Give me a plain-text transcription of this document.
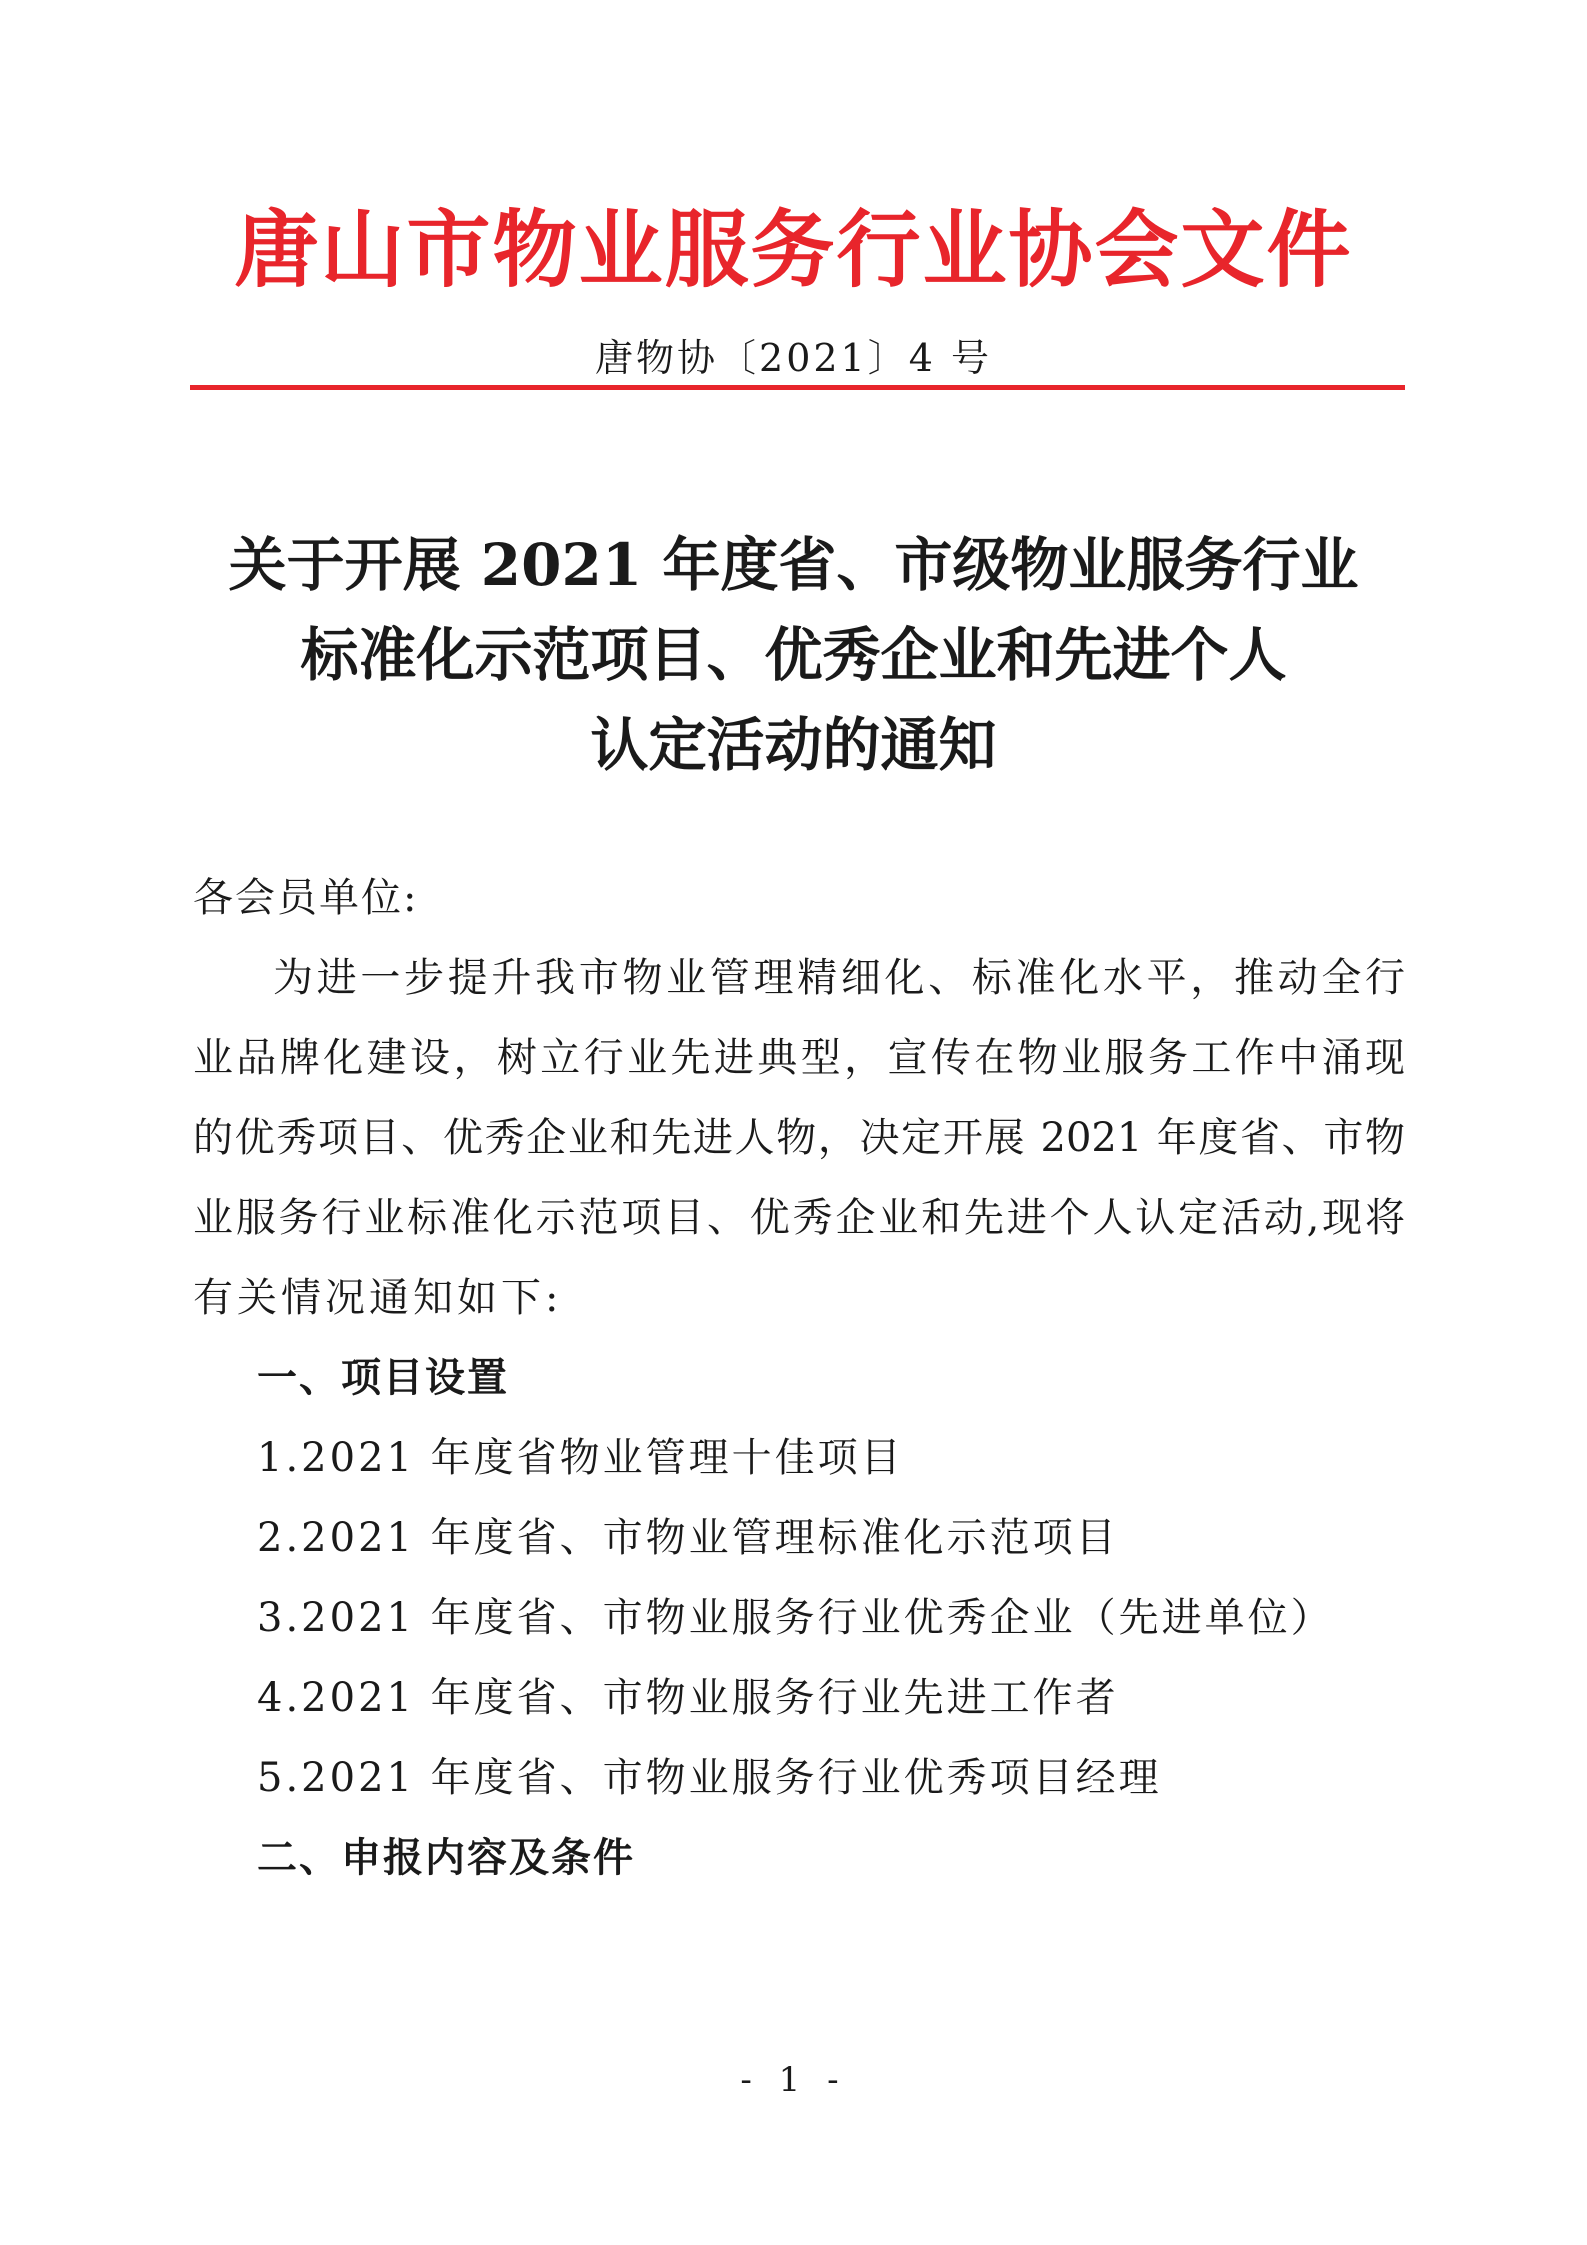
唐山市物业服务行业协会文件
唐物协〔2021〕4 号
关于开展 2021 年度省、市级物业服务行业
标准化示范项目、优秀企业和先进个人
认定活动的通知
各会员单位:
为进一步提升我市物业管理精细化、标准化水平，推动全行
业品牌化建设，树立行业先进典型，宣传在物业服务工作中涌现
的优秀项目、优秀企业和先进人物，决定开展 2021 年度省、市物
业服务行业标准化示范项目、优秀企业和先进个人认定活动,现将
有关情况通知如下:
一、项目设置
1.2021 年度省物业管理十佳项目
2.2021 年度省、市物业管理标准化示范项目
3.2021 年度省、市物业服务行业优秀企业（先进单位）
4.2021 年度省、市物业服务行业先进工作者
5.2021 年度省、市物业服务行业优秀项目经理
二、申报内容及条件
- 1 -
